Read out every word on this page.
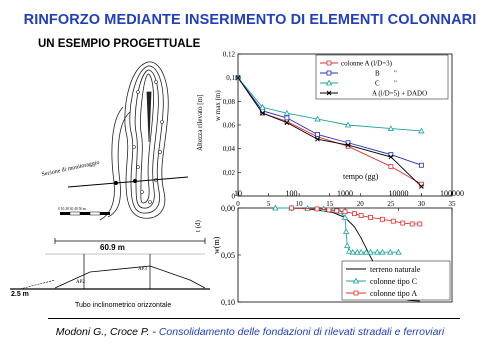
RINFORZO MEDIANTE INSERIMENTO DI ELEMENTI COLONNARI
UN ESEMPIO PROGETTUALE
Sezione di monitoraggio
0 10 20 30 40 50 m
60.9 m
AP2
AP3
2.5 m
Tubo inclinometrico orizzontale
Altezza rilevato [m] w max (m)
0
0,02
0,04
0,06
0,08
0,1
0,12
0	5	10	15	20	25	30	35
colonne A (l/D=3)
B "
C "
A (l/D=5) + DADO
tempo (gg)
t (d)
w(m)
0,00
0,05
0,10
10	100	1000	10000	100000
terreno naturale
colonne tipo C
colonne tipo A
Modoni G., Croce P. - Consolidamento delle fondazioni di rilevati stradali e ferroviari
